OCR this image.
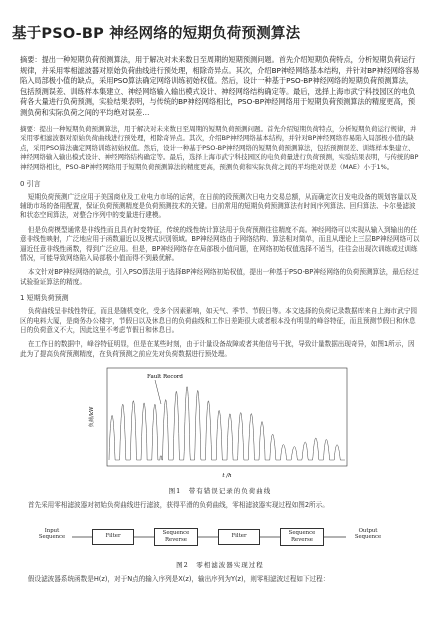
基于PSO-BP 神经网络的短期负荷预测算法

摘要：提出一种短期负荷预测算法，用于解决对未来数日至周期的短期预测问题。首先介绍短期负荷特点，分析短期负荷运行规律，并采用零相滤波器对原始负荷曲线进行预处理，相除奇异点。其次，介绍BP神经网络基本结构，并针对BP神经网络容易陷入局部极小值的缺点，采用PSO算法确定网络训练初始权值。然后，设计一种基于PSO-BP神经网络的短期负荷预测算法，包括预测误差、训练样本集建立、神经网络输入输出模式设计、神经网络结构确定等。最后，选择上海市武宁科技园区的电负荷各大量进行负荷预测，实验结果表明，与传统的BP神经网络相比，PSO-BP神经网络用于短期负荷预测算法的精度更高，预测负荷和实际负荷之间的平均绝对误差…

摘要：提出一种短期负荷预测算法，用于解决对未来数日至周期的短期负荷预测问题。首先介绍短期负荷特点，分析短期负荷运行规律，并采用零相滤波器对原始负荷曲线进行预处理，相除奇异点。其次，介绍BP神经网络基本结构，并针对BP神经网络容易陷入局部极小值的缺点，采用PSO算法确定网络训练初始权值。然后，设计一种基于PSO-BP神经网络的短期负荷预测算法，包括预测误差、训练样本集建立、神经网络输入输出模式设计、神经网络结构确定等。最后，选择上海市武宁科技园区的电负荷量进行负荷预测，实验结果表明，与传统的BP神经网络相比，PSO-BP神经网络用于短期负荷预测算法的精度更高，预测负荷和实际负荷之间的平均绝对误差（MAE）小于1%。

0 引言

短期负荷预测广泛应用于美国商业及工业电力市场的运营，在日前的段预测次日电力交易总额，从而确定次日发电设备的规划容量以及辅助市场的备用配置，保证负荷预测精度是负荷预测技术的关键。目前常用的短期负荷预测算法有时间序列算法、回归算法、卡尔曼滤波和状态空间算法，对整合序列中的变量进行建模。

但是负荷模型通常是非线性而且具有时变特征，传统的线性统计算法用于负荷预测往往精度不高。神经网络可以实现从输入到输出的任意非线性映射，广泛地应用于函数逼近以及模式识别领域。BP神经网络由于网络结构、算法相对简单，而且从理论上三层BP神经网络可以逼近任意非线性函数，得到广泛应用。但是，BP神经网络存在局部极小值问题，在网络初始权值选择不适当，往往会出现次训练或过训练情况，可能导致网络陷入局部极小值而得不到最优解。

本文针对BP神经网络的缺点，引入PSO算法用于选择BP神经网络初始权值，提出一种基于PSO-BP神经网络的负荷预测算法，最后经过试验验证算法的精度。

1 短期负荷预测

负荷曲线呈非线性特征，而且是随机变化，受多个因素影响，如天气、季节、节假日等。本文选择的负荷记录数据库来自上海市武宁园区的电料大厦，是商务办公楼宇，节假日以及休息日的负荷曲线和工作日差距很大或者根本没有明显的峰谷特征，而且预测节假日和休息日的负荷意义不大，因此这里不考虑节假日和休息日。

在工作日的数据中，峰谷特征明显，但是在某些时刻，由于计量设备故障或者其他信号干扰，导致计量数据出现奇异，如图1所示，因此为了提高负荷预测精度，在负荷预测之前应先对负荷数据进行预处理。

Fault Record
t /h
负荷/kW
图1　带有错误记录的负荷曲线

首先采用零相滤波器对初始负荷曲线进行滤波，获得平滑的负荷曲线，零相滤波器实现过程如图2所示。

Input Sequence	Filter
Sequence Reverse
Filter
Sequence Reverse
Output Sequence
图2　零相滤波器实现过程

假设滤波器系统函数是H(z)，对于N点的输入序列是X(z)，输出序列为Y(z)，则零相滤波过程如下过程：
